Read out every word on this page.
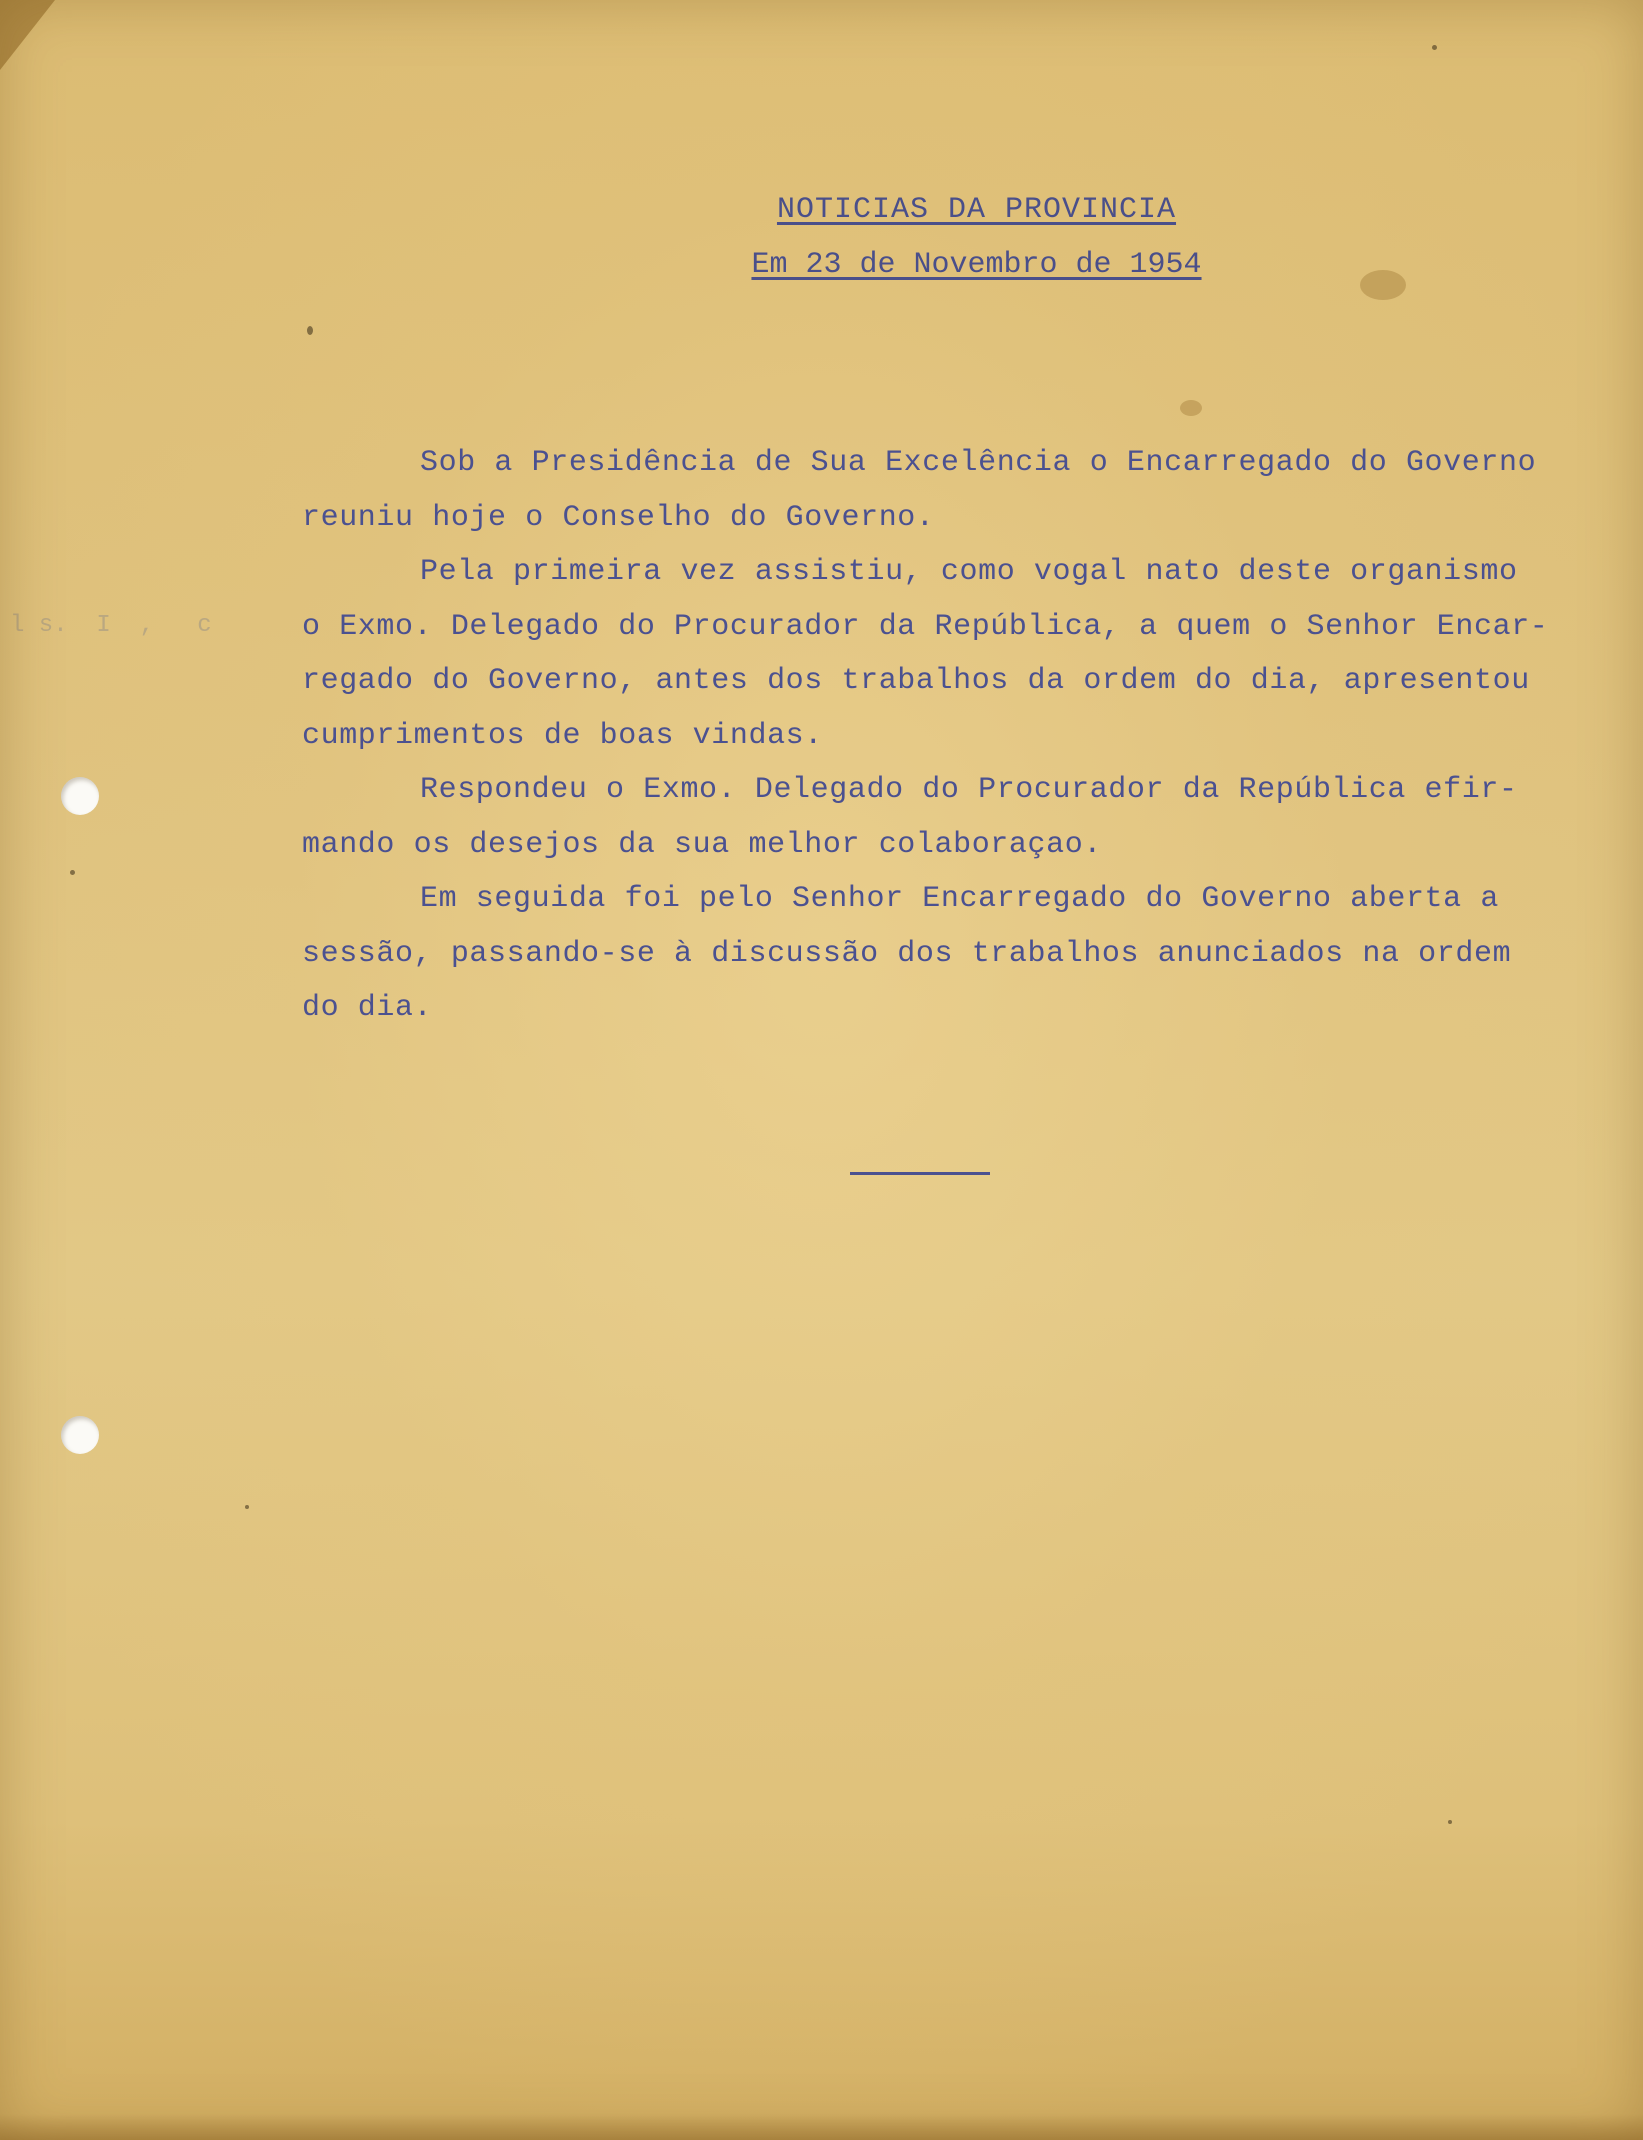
l s.  I  ,   c
NOTICIAS DA PROVINCIA
Em 23 de Novembro de 1954

Sob a Presidência de Sua Excelência o Encarregado do Governo
reuniu hoje o Conselho do Governo.

Pela primeira vez assistiu, como vogal nato deste organismo
o Exmo. Delegado do Procurador da República, a quem o Senhor Encar-
regado do Governo, antes dos trabalhos da ordem do dia, apresentou
cumprimentos de boas vindas.

Respondeu o Exmo. Delegado do Procurador da República efir-
mando os desejos da sua melhor colaboraçao.

Em seguida foi pelo Senhor Encarregado do Governo aberta a
sessão, passando-se à discussão dos trabalhos anunciados na ordem
do dia.
